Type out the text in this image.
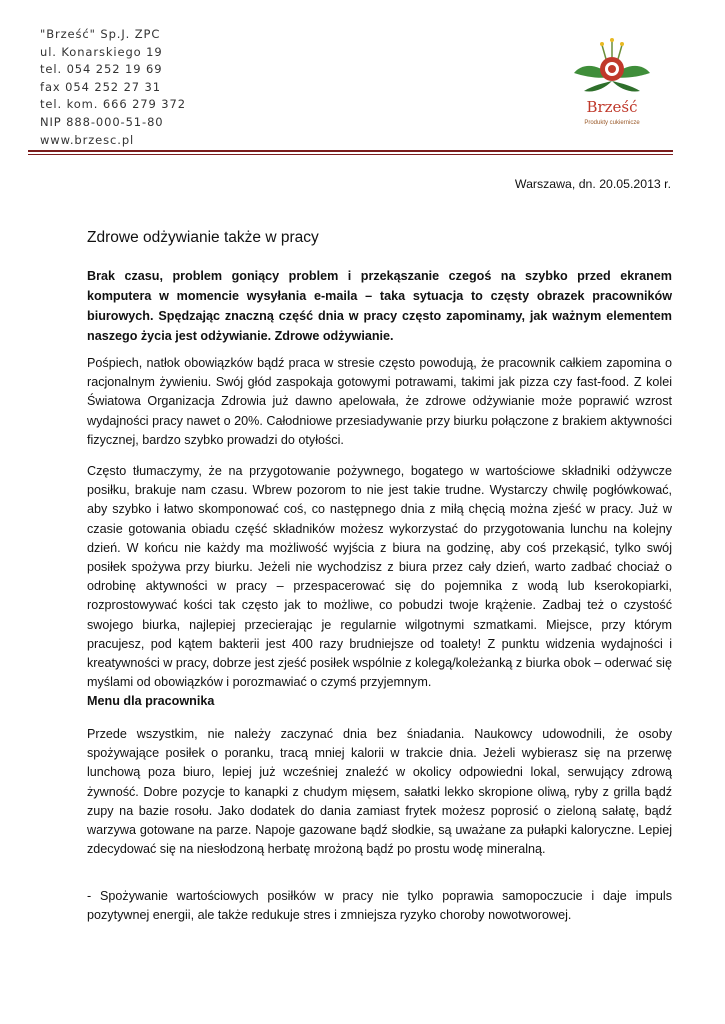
"Brześć" Sp.J. ZPC
ul. Konarskiego 19
tel. 054 252 19 69
fax 054 252 27 31
tel. kom. 666 279 372
NIP 888-000-51-80
www.brzesc.pl
Brześć
Produkty cukiernicze
Warszawa, dn. 20.05.2013 r.
Zdrowe odżywianie także w pracy

Brak czasu, problem goniący problem i przekąszanie czegoś na szybko przed ekranem komputera w momencie wysyłania e-maila – taka sytuacja to częsty obrazek pracowników biurowych. Spędzając znaczną część dnia w pracy często zapominamy, jak ważnym elementem naszego życia jest odżywianie. Zdrowe odżywianie.

Pośpiech, natłok obowiązków bądź praca w stresie często powodują, że pracownik całkiem zapomina o racjonalnym żywieniu. Swój głód zaspokaja gotowymi potrawami, takimi jak pizza czy fast-food. Z kolei Światowa Organizacja Zdrowia już dawno apelowała, że zdrowe odżywianie może poprawić wzrost wydajności pracy nawet o 20%. Całodniowe przesiadywanie przy biurku połączone z brakiem aktywności fizycznej, bardzo szybko prowadzi do otyłości.

Często tłumaczymy, że na przygotowanie pożywnego, bogatego w wartościowe składniki odżywcze posiłku, brakuje nam czasu. Wbrew pozorom to nie jest takie trudne. Wystarczy chwilę pogłówkować, aby szybko i łatwo skomponować coś, co następnego dnia z miłą chęcią można zjeść w pracy. Już w czasie gotowania obiadu część składników możesz wykorzystać do przygotowania lunchu na kolejny dzień. W końcu nie każdy ma możliwość wyjścia z biura na godzinę, aby coś przekąsić, tylko swój posiłek spożywa przy biurku. Jeżeli nie wychodzisz z biura przez cały dzień, warto zadbać chociaż o odrobinę aktywności w pracy – przespacerować się do pojemnika z wodą lub kserokopiarki, rozprostowywać kości tak często jak to możliwe, co pobudzi twoje krążenie. Zadbaj też o czystość swojego biurka, najlepiej przecierając je regularnie wilgotnymi szmatkami. Miejsce, przy którym pracujesz, pod kątem bakterii jest 400 razy brudniejsze od toalety! Z punktu widzenia wydajności i kreatywności w pracy, dobrze jest zjeść posiłek wspólnie z kolegą/koleżanką z biurka obok – oderwać się myślami od obowiązków i porozmawiać o czymś przyjemnym.

Menu dla pracownika

Przede wszystkim, nie należy zaczynać dnia bez śniadania. Naukowcy udowodnili, że osoby spożywające posiłek o poranku, tracą mniej kalorii w trakcie dnia. Jeżeli wybierasz się na przerwę lunchową poza biuro, lepiej już wcześniej znaleźć w okolicy odpowiedni lokal, serwujący zdrową żywność. Dobre pozycje to kanapki z chudym mięsem, sałatki lekko skropione oliwą, ryby z grilla bądź zupy na bazie rosołu. Jako dodatek do dania zamiast frytek możesz poprosić o zieloną sałatę, bądź warzywa gotowane na parze. Napoje gazowane bądź słodkie, są uważane za pułapki kaloryczne. Lepiej zdecydować się na niesłodzoną herbatę mrożoną bądź po prostu wodę mineralną.

- Spożywanie wartościowych posiłków w pracy nie tylko poprawia samopoczucie i daje impuls pozytywnej energii, ale także redukuje stres i zmniejsza ryzyko choroby nowotworowej.
